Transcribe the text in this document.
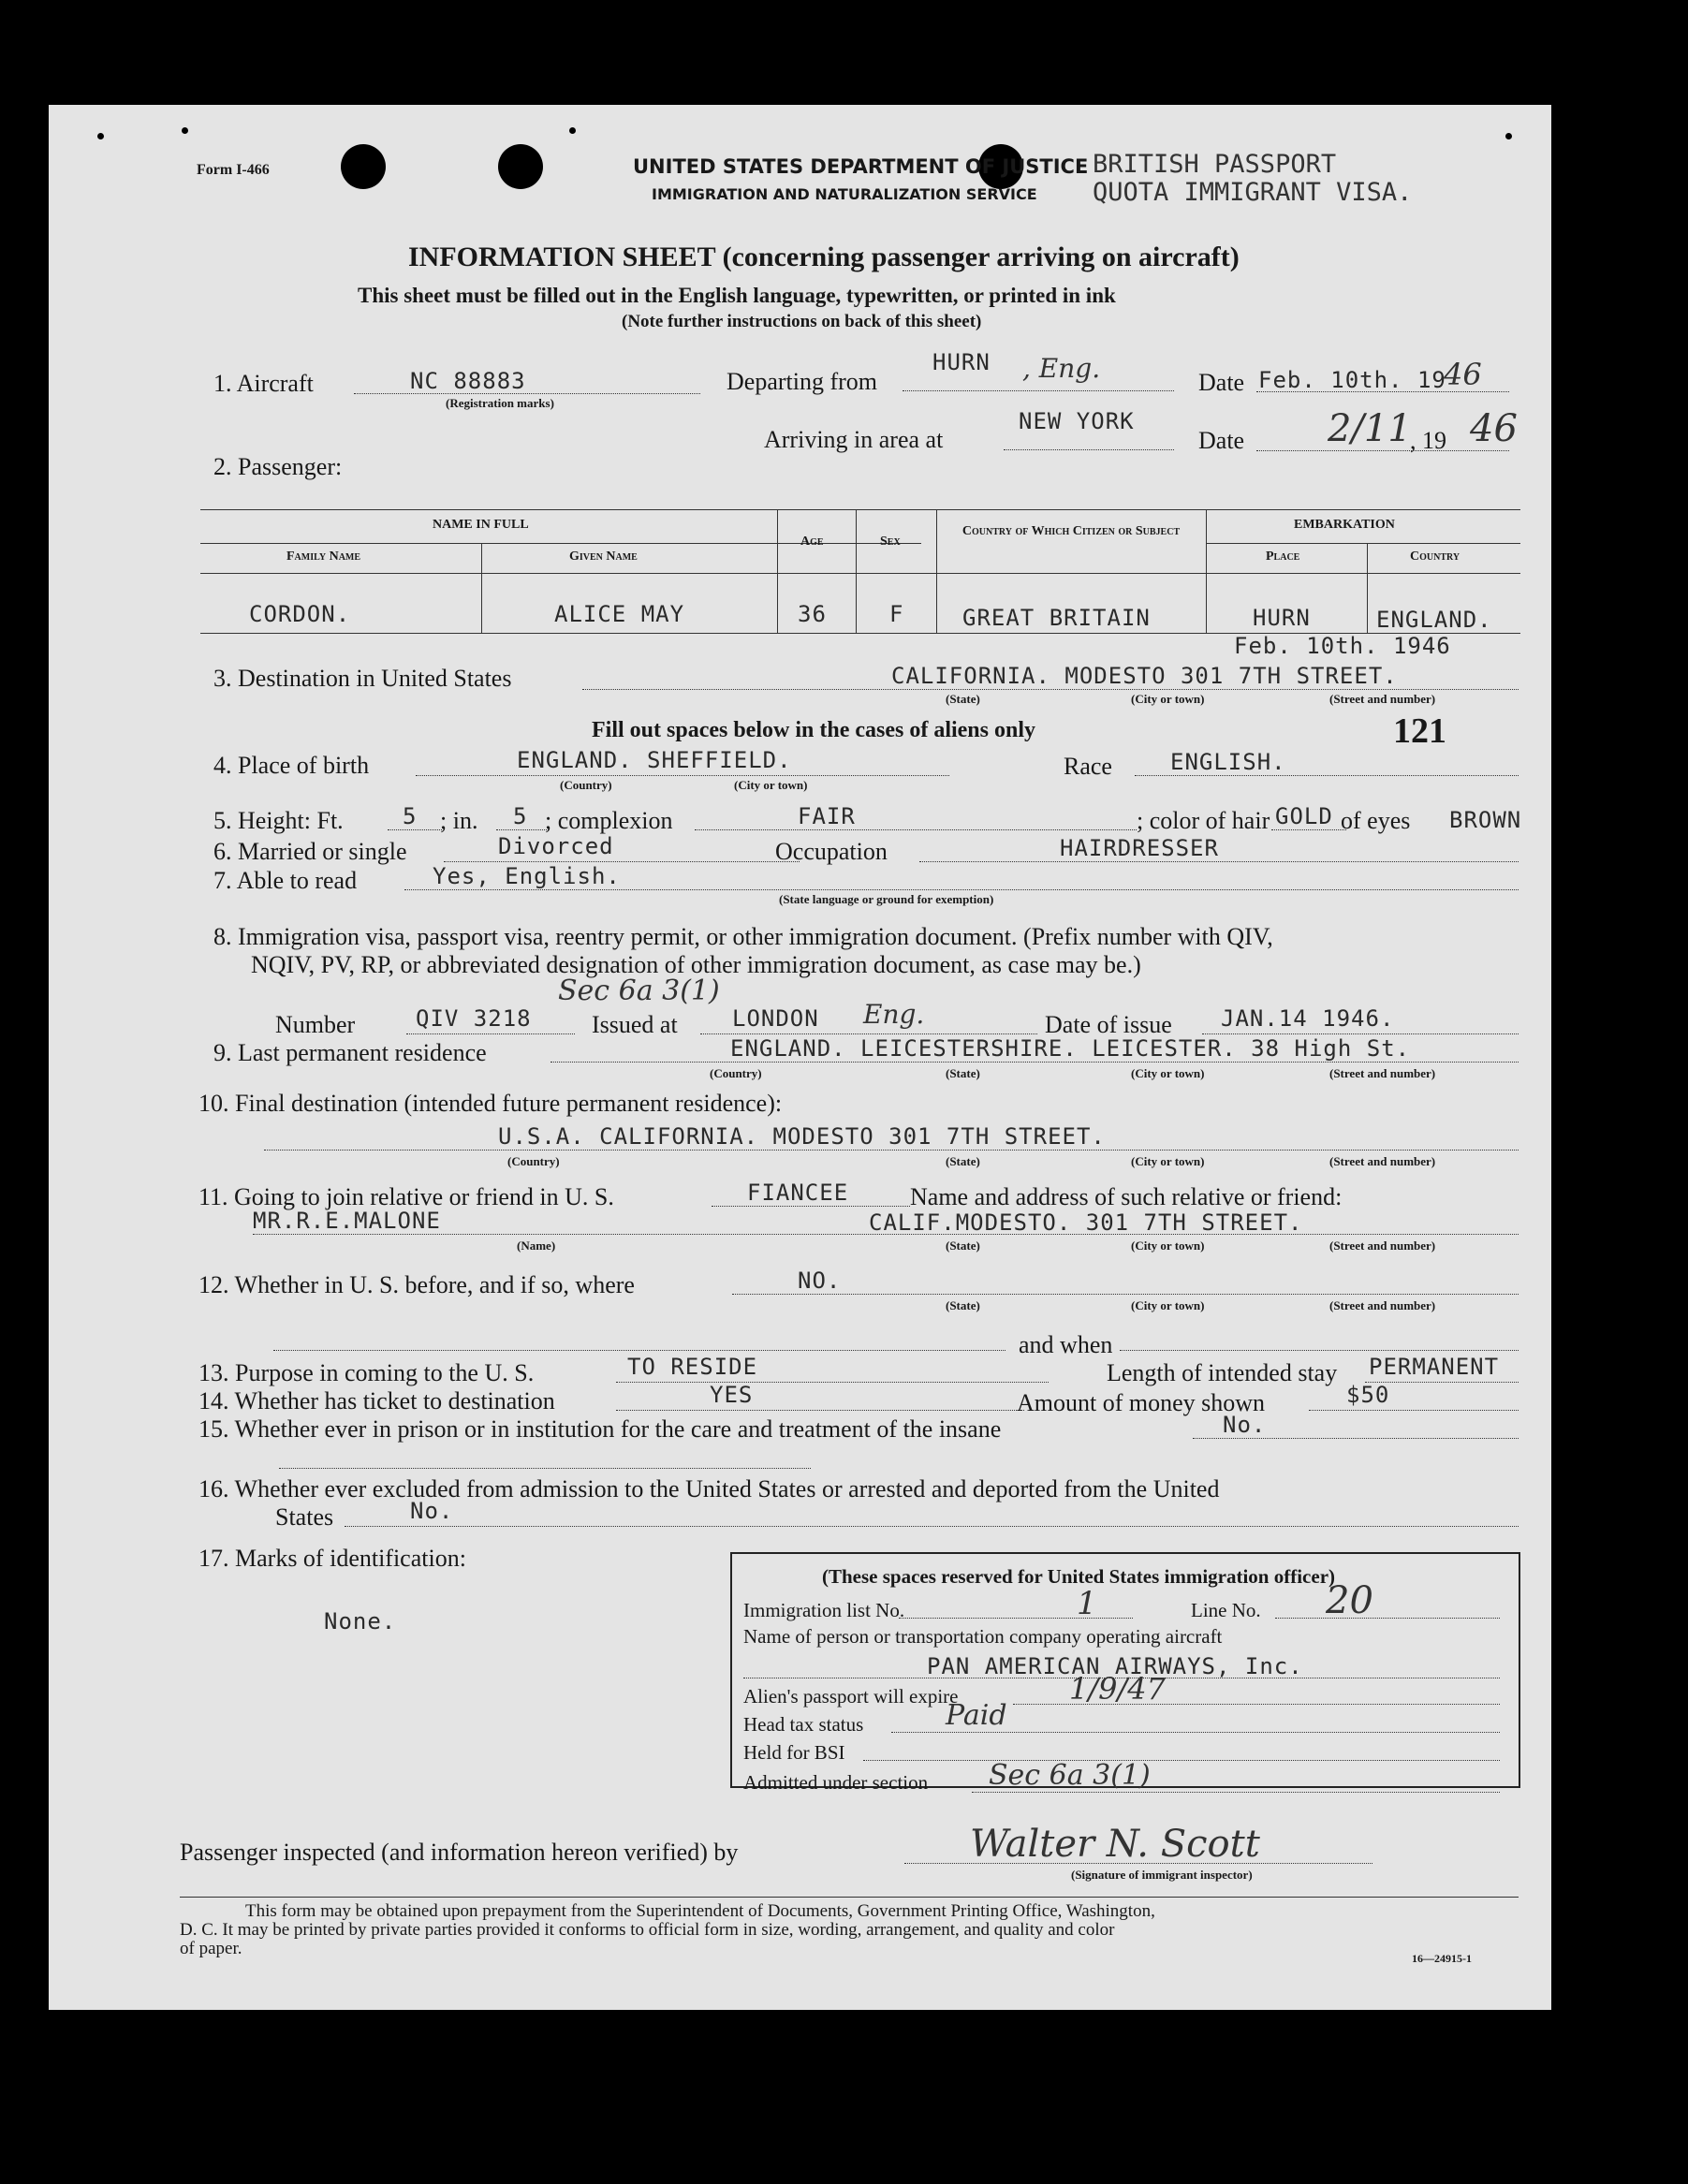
Form I-466	UNITED STATES DEPARTMENT OF JUSTICE
IMMIGRATION AND NATURALIZATION SERVICE
BRITISH PASSPORT
QUOTA IMMIGRANT VISA.
INFORMATION SHEET (concerning passenger arriving on aircraft)
This sheet must be filled out in the English language, typewritten, or printed in ink
(Note further instructions on back of this sheet)
1. Aircraft	NC 88883
(Registration marks)
Departing from
HURN , Eng.	Date Feb. 10th. 19
46
Arriving in area at
NEW YORK
Date 2/11
, 19 46
2. Passenger:
NAME IN FULL
Family Name	Given Name
Age	Sex
Country of Which Citizen or Subject	EMBARKATION
Place	Country
CORDON.	ALICE MAY	36	F	GREAT BRITAIN	HURN	ENGLAND.
Feb. 10th. 1946
3. Destination in United States	CALIFORNIA. MODESTO 301 7TH STREET.
(State)	(City or town)	(Street and number)
Fill out spaces below in the cases of aliens only	121
4. Place of birth	ENGLAND. SHEFFIELD.
(Country)	(City or town)
Race	ENGLISH.
5. Height: Ft.	5 ; in. 5 ; complexion	FAIR	; color of hair GOLD of eyes BROWN
6. Married or single	Divorced	Occupation	HAIRDRESSER
7. Able to read	Yes, English.
(State language or ground for exemption)
8. Immigration visa, passport visa, reentry permit, or other immigration document. (Prefix number with QIV,
NQIV, PV, RP, or abbreviated designation of other immigration document, as case may be.)
Sec 6a 3(1)
Number	QIV 3218 Issued at LONDON Eng.	Date of issue JAN.14 1946.
9. Last permanent residence	ENGLAND. LEICESTERSHIRE. LEICESTER. 38 High St.
(Country)	(State)	(City or town)	(Street and number)
10. Final destination (intended future permanent residence):
U.S.A. CALIFORNIA. MODESTO 301 7TH STREET.
(Country)	(State)	(City or town)	(Street and number)
11. Going to join relative or friend in U. S.	FIANCEE	Name and address of such relative or friend:
MR.R.E.MALONE	CALIF.MODESTO. 301 7TH STREET.
(Name)	(State)	(City or town)	(Street and number)
12. Whether in U. S. before, and if so, where	NO.
(State)	(City or town)	(Street and number)
and when
13. Purpose in coming to the U. S.	TO RESIDE	Length of intended stay PERMANENT
14. Whether has ticket to destination	YES	Amount of money shown	$50
15. Whether ever in prison or in institution for the care and treatment of the insane	No.
16. Whether ever excluded from admission to the United States or arrested and deported from the United
States	No.
17. Marks of identification:
None.
(These spaces reserved for United States immigration officer)
Immigration list No.	1	Line No. 20
Name of person or transportation company operating aircraft
PAN AMERICAN AIRWAYS, Inc.
Alien's passport will expire	1/9/47
Head tax status	Paid
Held for BSI
Admitted under section Sec 6a 3(1)
Passenger inspected (and information hereon verified) by	Walter N. Scott
(Signature of immigrant inspector)
This form may be obtained upon prepayment from the Superintendent of Documents, Government Printing Office, Washington,
D. C. It may be printed by private parties provided it conforms to official form in size, wording, arrangement, and quality and color
of paper.	16—24915-1
